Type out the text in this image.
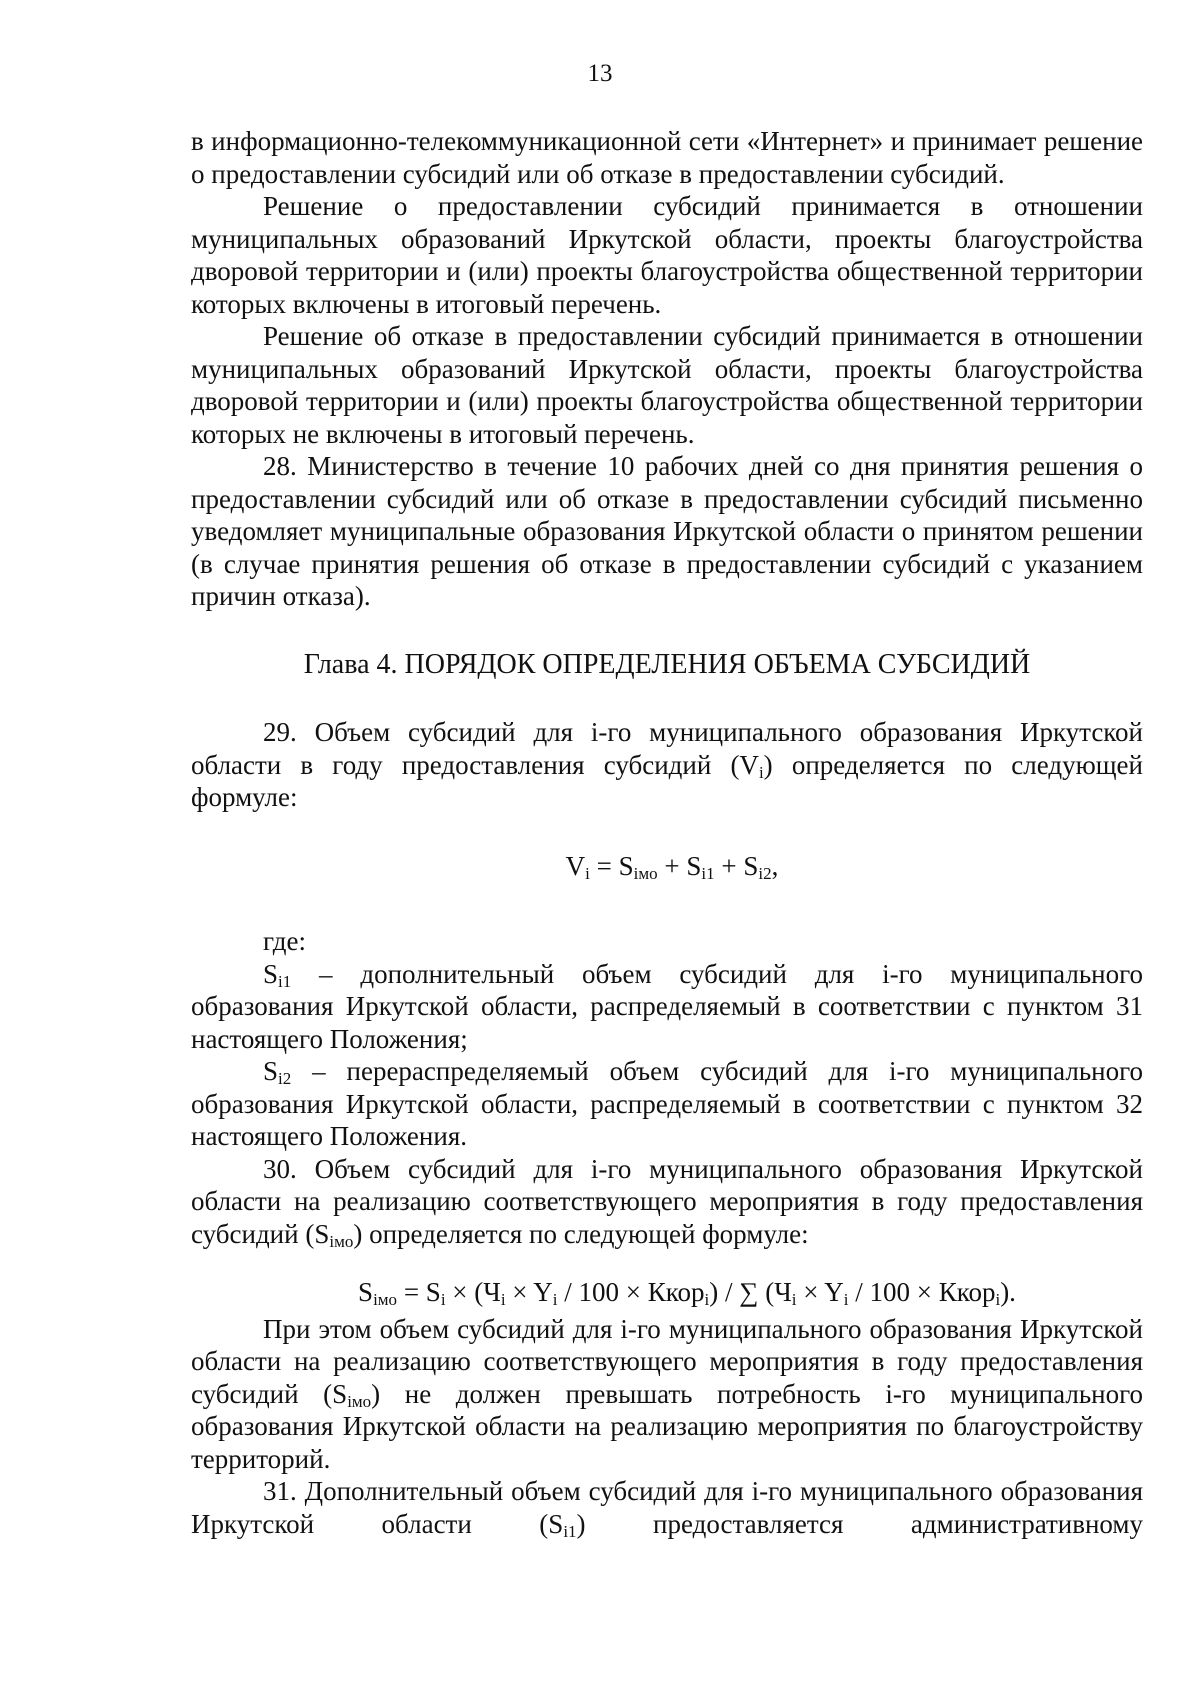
13

в информационно-телекоммуникационной сети «Интернет» и принимает решение о предоставлении субсидий или об отказе в предоставлении субсидий.

Решение о предоставлении субсидий принимается в отношении муниципальных образований Иркутской области, проекты благоустройства дворовой территории и (или) проекты благоустройства общественной территории которых включены в итоговый перечень.

Решение об отказе в предоставлении субсидий принимается в отношении муниципальных образований Иркутской области, проекты благоустройства дворовой территории и (или) проекты благоустройства общественной территории которых не включены в итоговый перечень.

28. Министерство в течение 10 рабочих дней со дня принятия решения о предоставлении субсидий или об отказе в предоставлении субсидий письменно уведомляет муниципальные образования Иркутской области о принятом решении (в случае принятия решения об отказе в предоставлении субсидий с указанием причин отказа).

Глава 4. ПОРЯДОК ОПРЕДЕЛЕНИЯ ОБЪЕМА СУБСИДИЙ

29. Объем субсидий для i-го муниципального образования Иркутской области в году предоставления субсидий $(V_i)$ определяется по следующей формуле:

$V_i = S_{iмо} + S_{i1} + S_{i2}$,

где:

$S_{i1}$ – дополнительный объем субсидий для i-го муниципального образования Иркутской области, распределяемый в соответствии с пунктом 31 настоящего Положения;

$S_{i2}$ – перераспределяемый объем субсидий для i-го муниципального образования Иркутской области, распределяемый в соответствии с пунктом 32 настоящего Положения.

30. Объем субсидий для i-го муниципального образования Иркутской области на реализацию соответствующего мероприятия в году предоставления субсидий $(S_{iмо})$ определяется по следующей формуле:

$S_{iмо} = S_i \times (Ч_i \times Y_i / 100$ × Ккор$_i$) / ∑ ($Ч_i \times Y_i / 100$ × Ккор$_i$).

При этом объем субсидий для i-го муниципального образования Иркутской области на реализацию соответствующего мероприятия в году предоставления субсидий $(S_{iмо})$ не должен превышать потребность i-го муниципального образования Иркутской области на реализацию мероприятия по благоустройству территорий.

31. Дополнительный объем субсидий для i-го муниципального образования Иркутской области $(S_{i1})$ предоставляется административному
